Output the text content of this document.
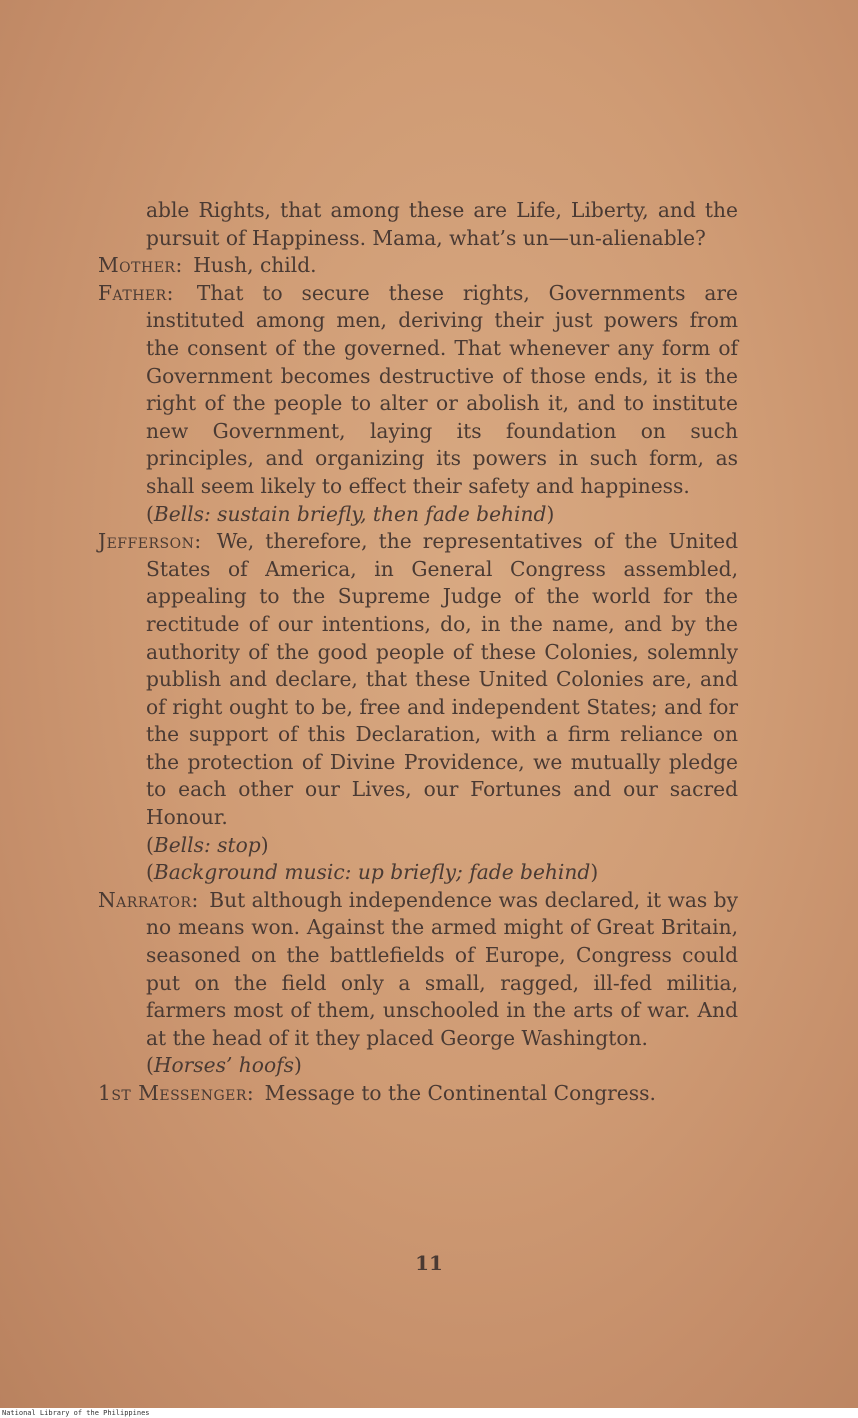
able Rights, that among these are Life, Liberty, and the pursuit of Happiness. Mama, what’s un—un-alienable?

Mother: Hush, child.

Father: That to secure these rights, Governments are instituted among men, deriving their just powers from the consent of the governed. That whenever any form of Government becomes destructive of those ends, it is the right of the people to alter or abolish it, and to institute new Government, laying its foundation on such principles, and organizing its powers in such form, as shall seem likely to effect their safety and happiness.

(Bells: sustain briefly, then fade behind)

Jefferson: We, therefore, the representatives of the United States of America, in General Congress assembled, appealing to the Supreme Judge of the world for the rectitude of our intentions, do, in the name, and by the authority of the good people of these Colonies, solemnly publish and declare, that these United Colonies are, and of right ought to be, free and independent States; and for the support of this Declaration, with a firm reliance on the protection of Divine Providence, we mutually pledge to each other our Lives, our Fortunes and our sacred Honour.

(Bells: stop)

(Background music: up briefly; fade behind)

Narrator: But although independence was declared, it was by no means won. Against the armed might of Great Britain, seasoned on the battlefields of Europe, Congress could put on the field only a small, ragged, ill-fed militia, farmers most of them, unschooled in the arts of war. And at the head of it they placed George Washington.

(Horses’ hoofs)

1st Messenger: Message to the Continental Congress.

11
National Library of the Philippines
